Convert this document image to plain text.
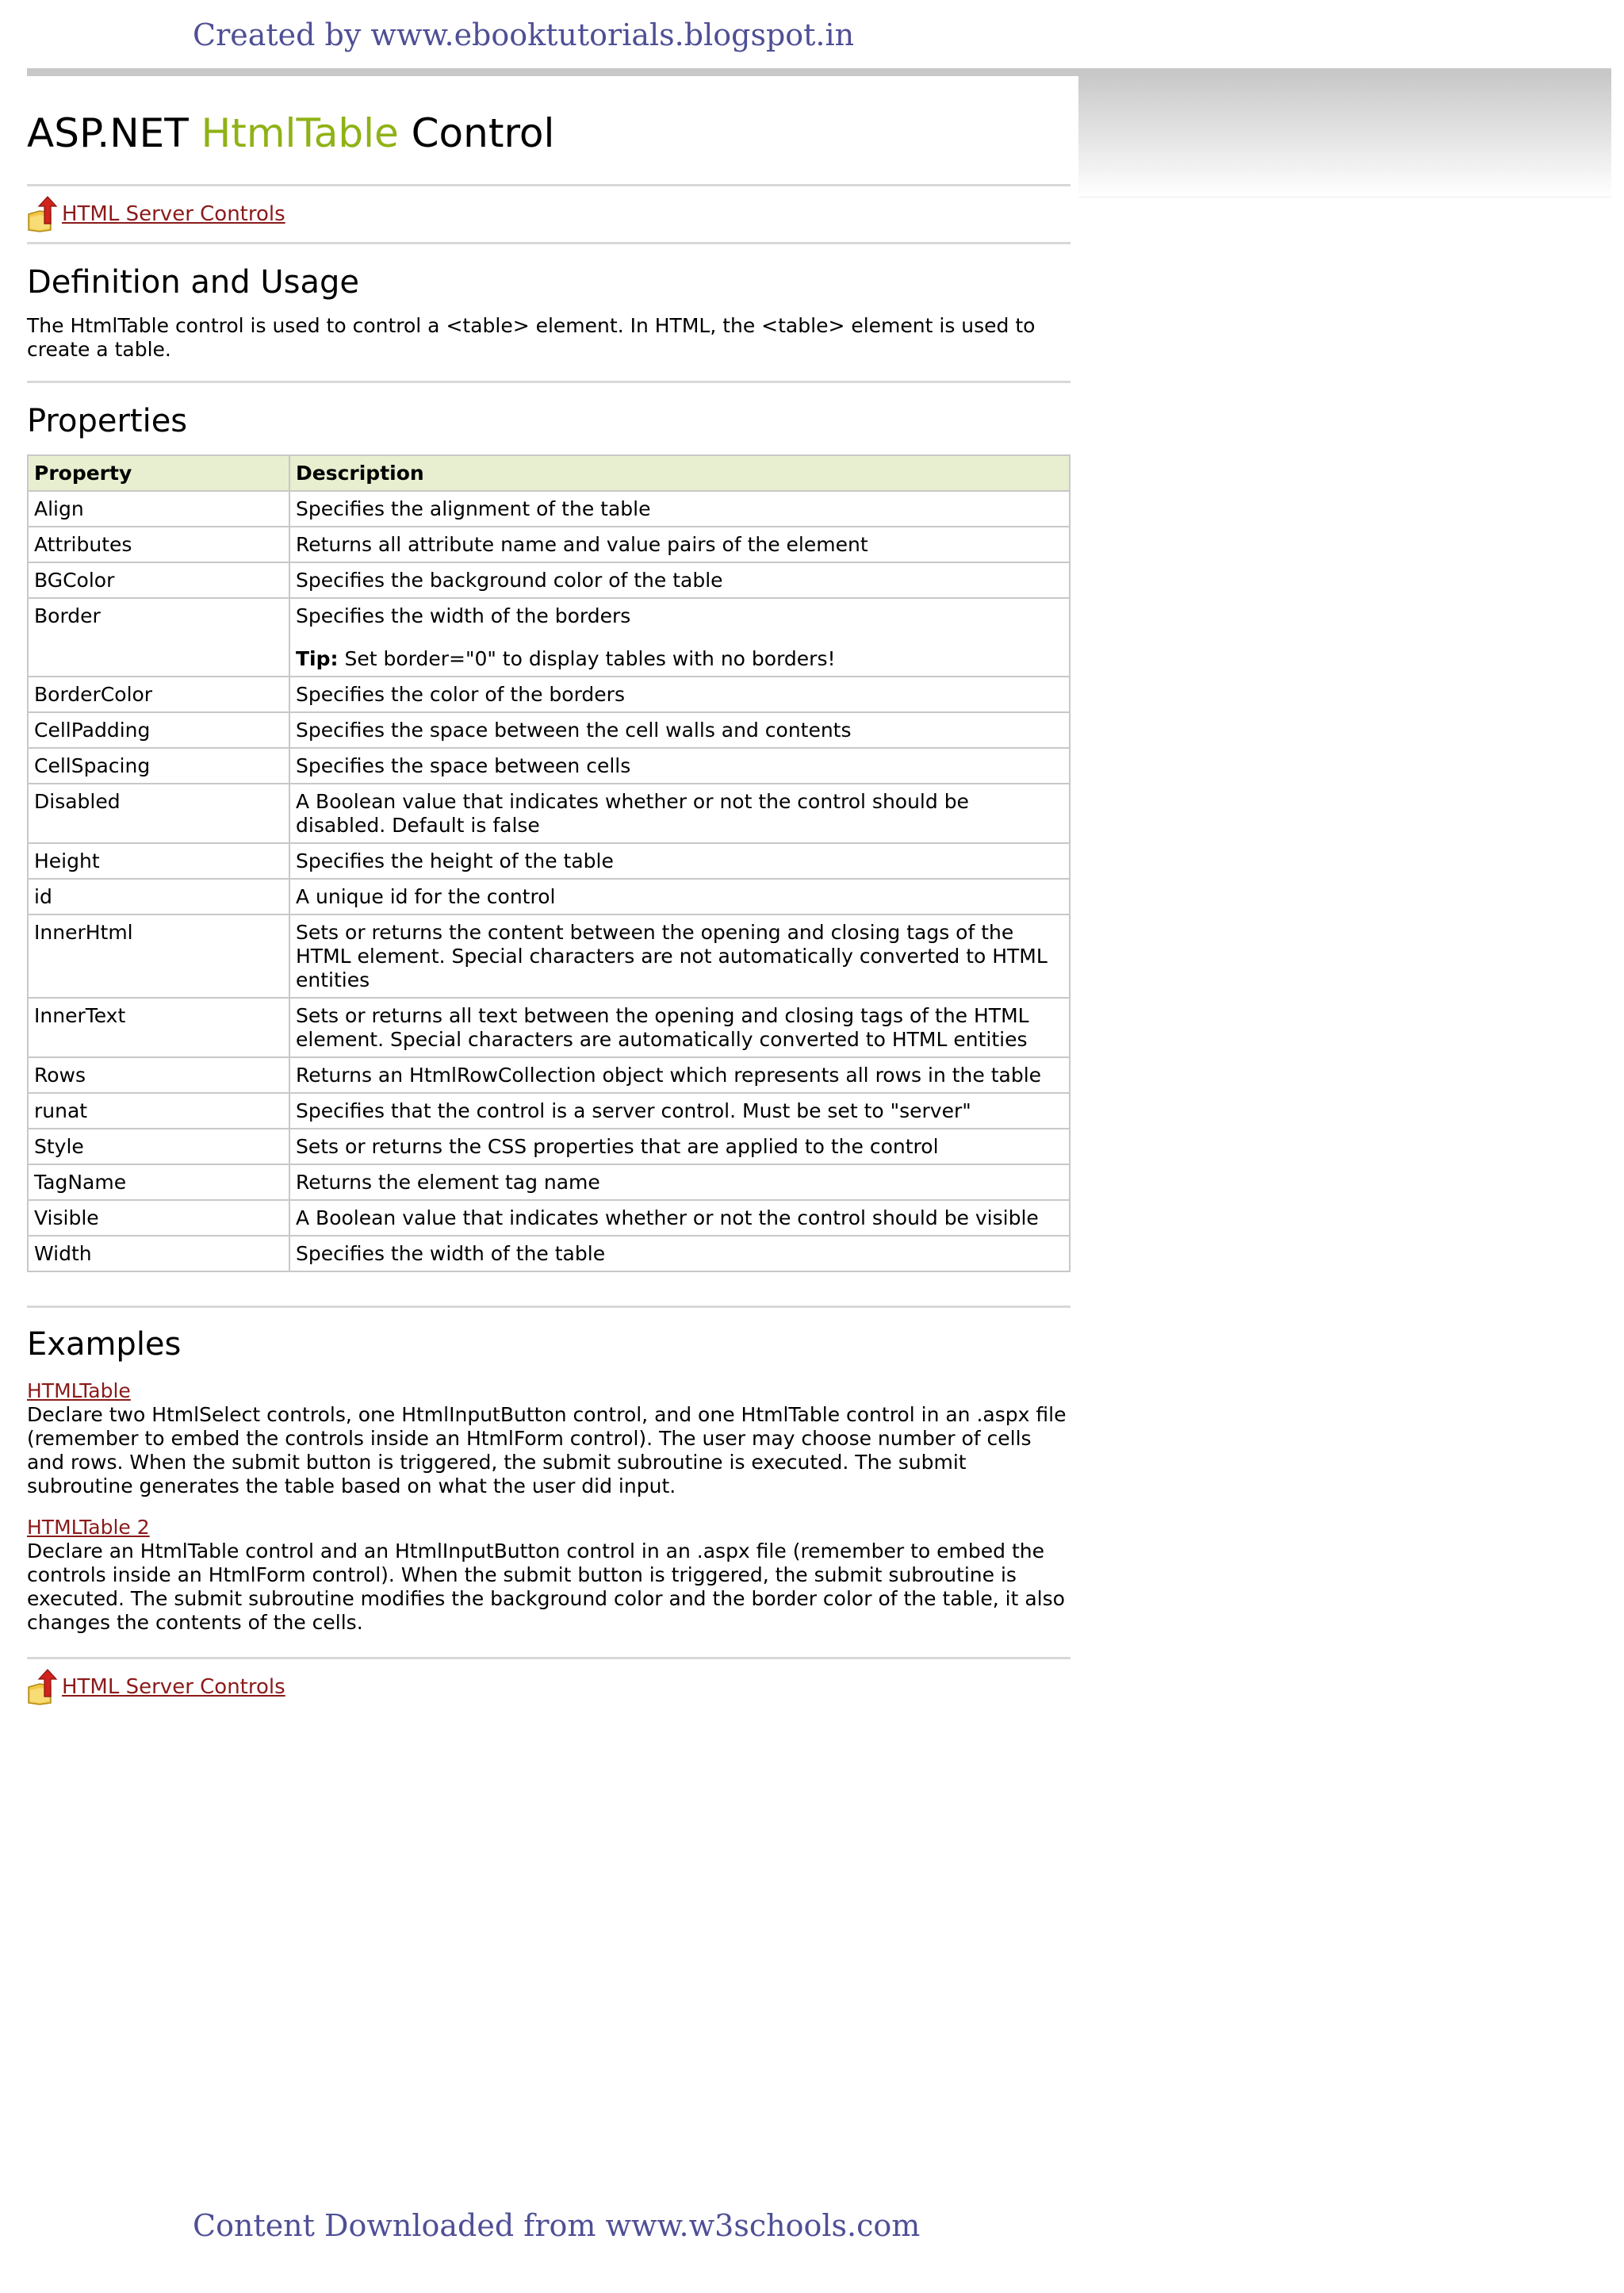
Created by www.ebooktutorials.blogspot.in

ASP.NET HtmlTable Control
HTML Server Controls
Definition and Usage

The HtmlTable control is used to control a <table> element. In HTML, the <table> element is used to create a table.

Properties
Property	Description
Align	Specifies the alignment of the table
Attributes	Returns all attribute name and value pairs of the element
BGColor	Specifies the background color of the table
Border	Specifies the width of the borders
Tip: Set border="0" to display tables with no borders!

BorderColor	Specifies the color of the borders
CellPadding	Specifies the space between the cell walls and contents
CellSpacing	Specifies the space between cells
Disabled	A Boolean value that indicates whether or not the control should be disabled. Default is false
Height	Specifies the height of the table
id	A unique id for the control
InnerHtml	Sets or returns the content between the opening and closing tags of the HTML element. Special characters are not automatically converted to HTML entities
InnerText	Sets or returns all text between the opening and closing tags of the HTML element. Special characters are automatically converted to HTML entities
Rows	Returns an HtmlRowCollection object which represents all rows in the table
runat	Specifies that the control is a server control. Must be set to "server"
Style	Sets or returns the CSS properties that are applied to the control
TagName	Returns the element tag name
Visible	A Boolean value that indicates whether or not the control should be visible
Width	Specifies the width of the table
Examples
HTMLTable

Declare two HtmlSelect controls, one HtmlInputButton control, and one HtmlTable control in an .aspx file (remember to embed the controls inside an HtmlForm control). The user may choose number of cells and rows. When the submit button is triggered, the submit subroutine is executed. The submit subroutine generates the table based on what the user did input.

HTMLTable 2

Declare an HtmlTable control and an HtmlInputButton control in an .aspx file (remember to embed the controls inside an HtmlForm control). When the submit button is triggered, the submit subroutine is executed. The submit subroutine modifies the background color and the border color of the table, it also changes the contents of the cells.

HTML Server Controls

Content Downloaded from www.w3schools.com
